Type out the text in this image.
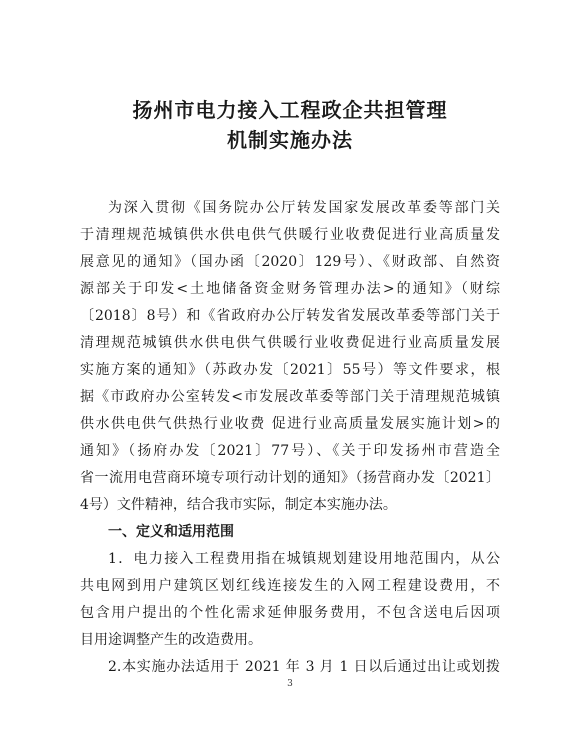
扬州市电力接入工程政企共担管理
机制实施办法
为深入贯彻《国务院办公厅转发国家发展改革委等部门关
于清理规范城镇供水供电供气供暖行业收费促进行业高质量发
展意见的通知》（国办函〔2020〕129号）、《财政部、自然资
源部关于印发<土地储备资金财务管理办法>的通知》（财综
〔2018〕8号）和《省政府办公厅转发省发展改革委等部门关于
清理规范城镇供水供电供气供暖行业收费促进行业高质量发展
实施方案的通知》（苏政办发〔2021〕55号）等文件要求，根
据《市政府办公室转发<市发展改革委等部门关于清理规范城镇
供水供电供气供热行业收费 促进行业高质量发展实施计划>的
通知》（扬府办发〔2021〕77号）、《关于印发扬州市营造全
省一流用电营商环境专项行动计划的通知》（扬营商办发〔2021〕
4号）文件精神，结合我市实际，制定本实施办法。
一、定义和适用范围
1．电力接入工程费用指在城镇规划建设用地范围内，从公
共电网到用户建筑区划红线连接发生的入网工程建设费用，不
包含用户提出的个性化需求延伸服务费用，不包含送电后因项
目用途调整产生的改造费用。
2.本实施办法适用于 2021 年 3 月 1 日以后通过出让或划拨
3
